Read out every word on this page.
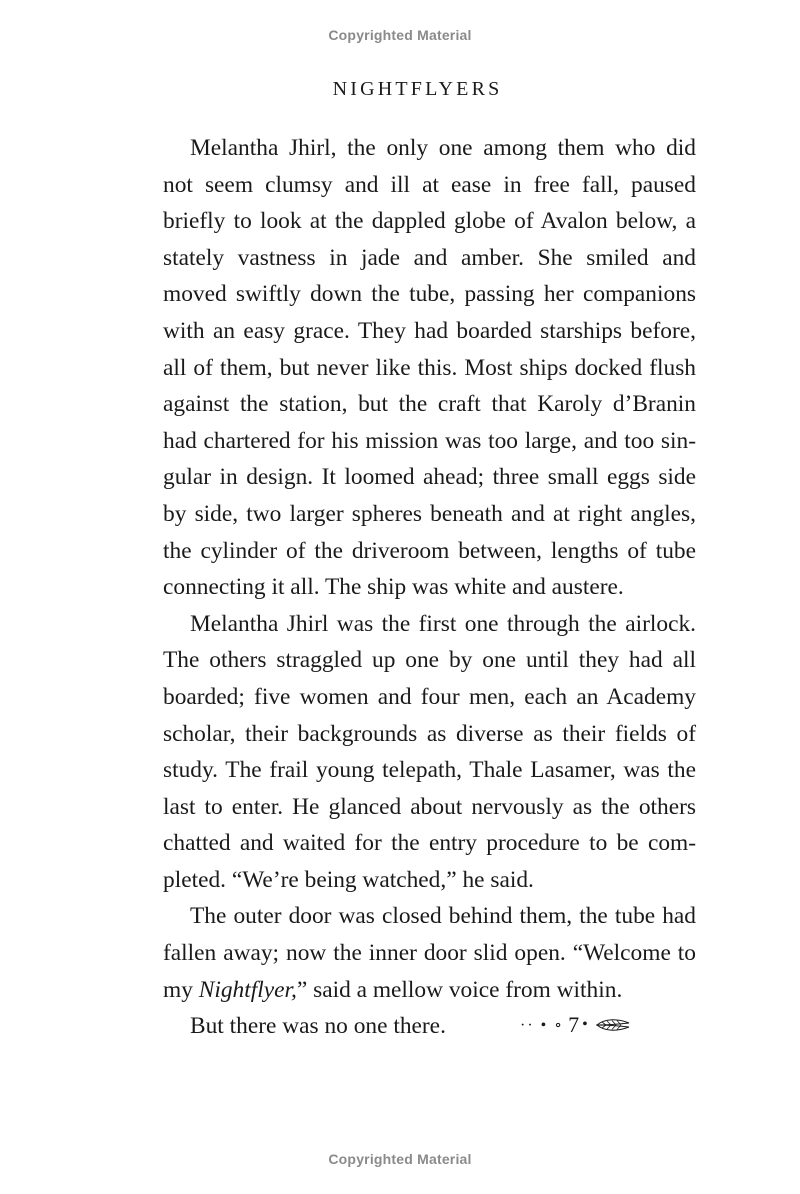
Copyrighted Material
NIGHTFLYERS
Melantha Jhirl, the only one among them who did
not seem clumsy and ill at ease in free fall, paused
briefly to look at the dappled globe of Avalon below, a
stately vastness in jade and amber. She smiled and
moved swiftly down the tube, passing her companions
with an easy grace. They had boarded starships before,
all of them, but never like this. Most ships docked flush
against the station, but the craft that Karoly d’Branin
had chartered for his mission was too large, and too sin-
gular in design. It loomed ahead; three small eggs side
by side, two larger spheres beneath and at right angles,
the cylinder of the driveroom between, lengths of tube
connecting it all. The ship was white and austere.
Melantha Jhirl was the first one through the airlock.
The others straggled up one by one until they had all
boarded; five women and four men, each an Academy
scholar, their backgrounds as diverse as their fields of
study. The frail young telepath, Thale Lasamer, was the
last to enter. He glanced about nervously as the others
chatted and waited for the entry procedure to be com-
pleted. “We’re being watched,” he said.
The outer door was closed behind them, the tube had
fallen away; now the inner door slid open. “Welcome to
my Nightflyer,” said a mellow voice from within.
But there was no one there.	·· • ∘ 7 •
Copyrighted Material
